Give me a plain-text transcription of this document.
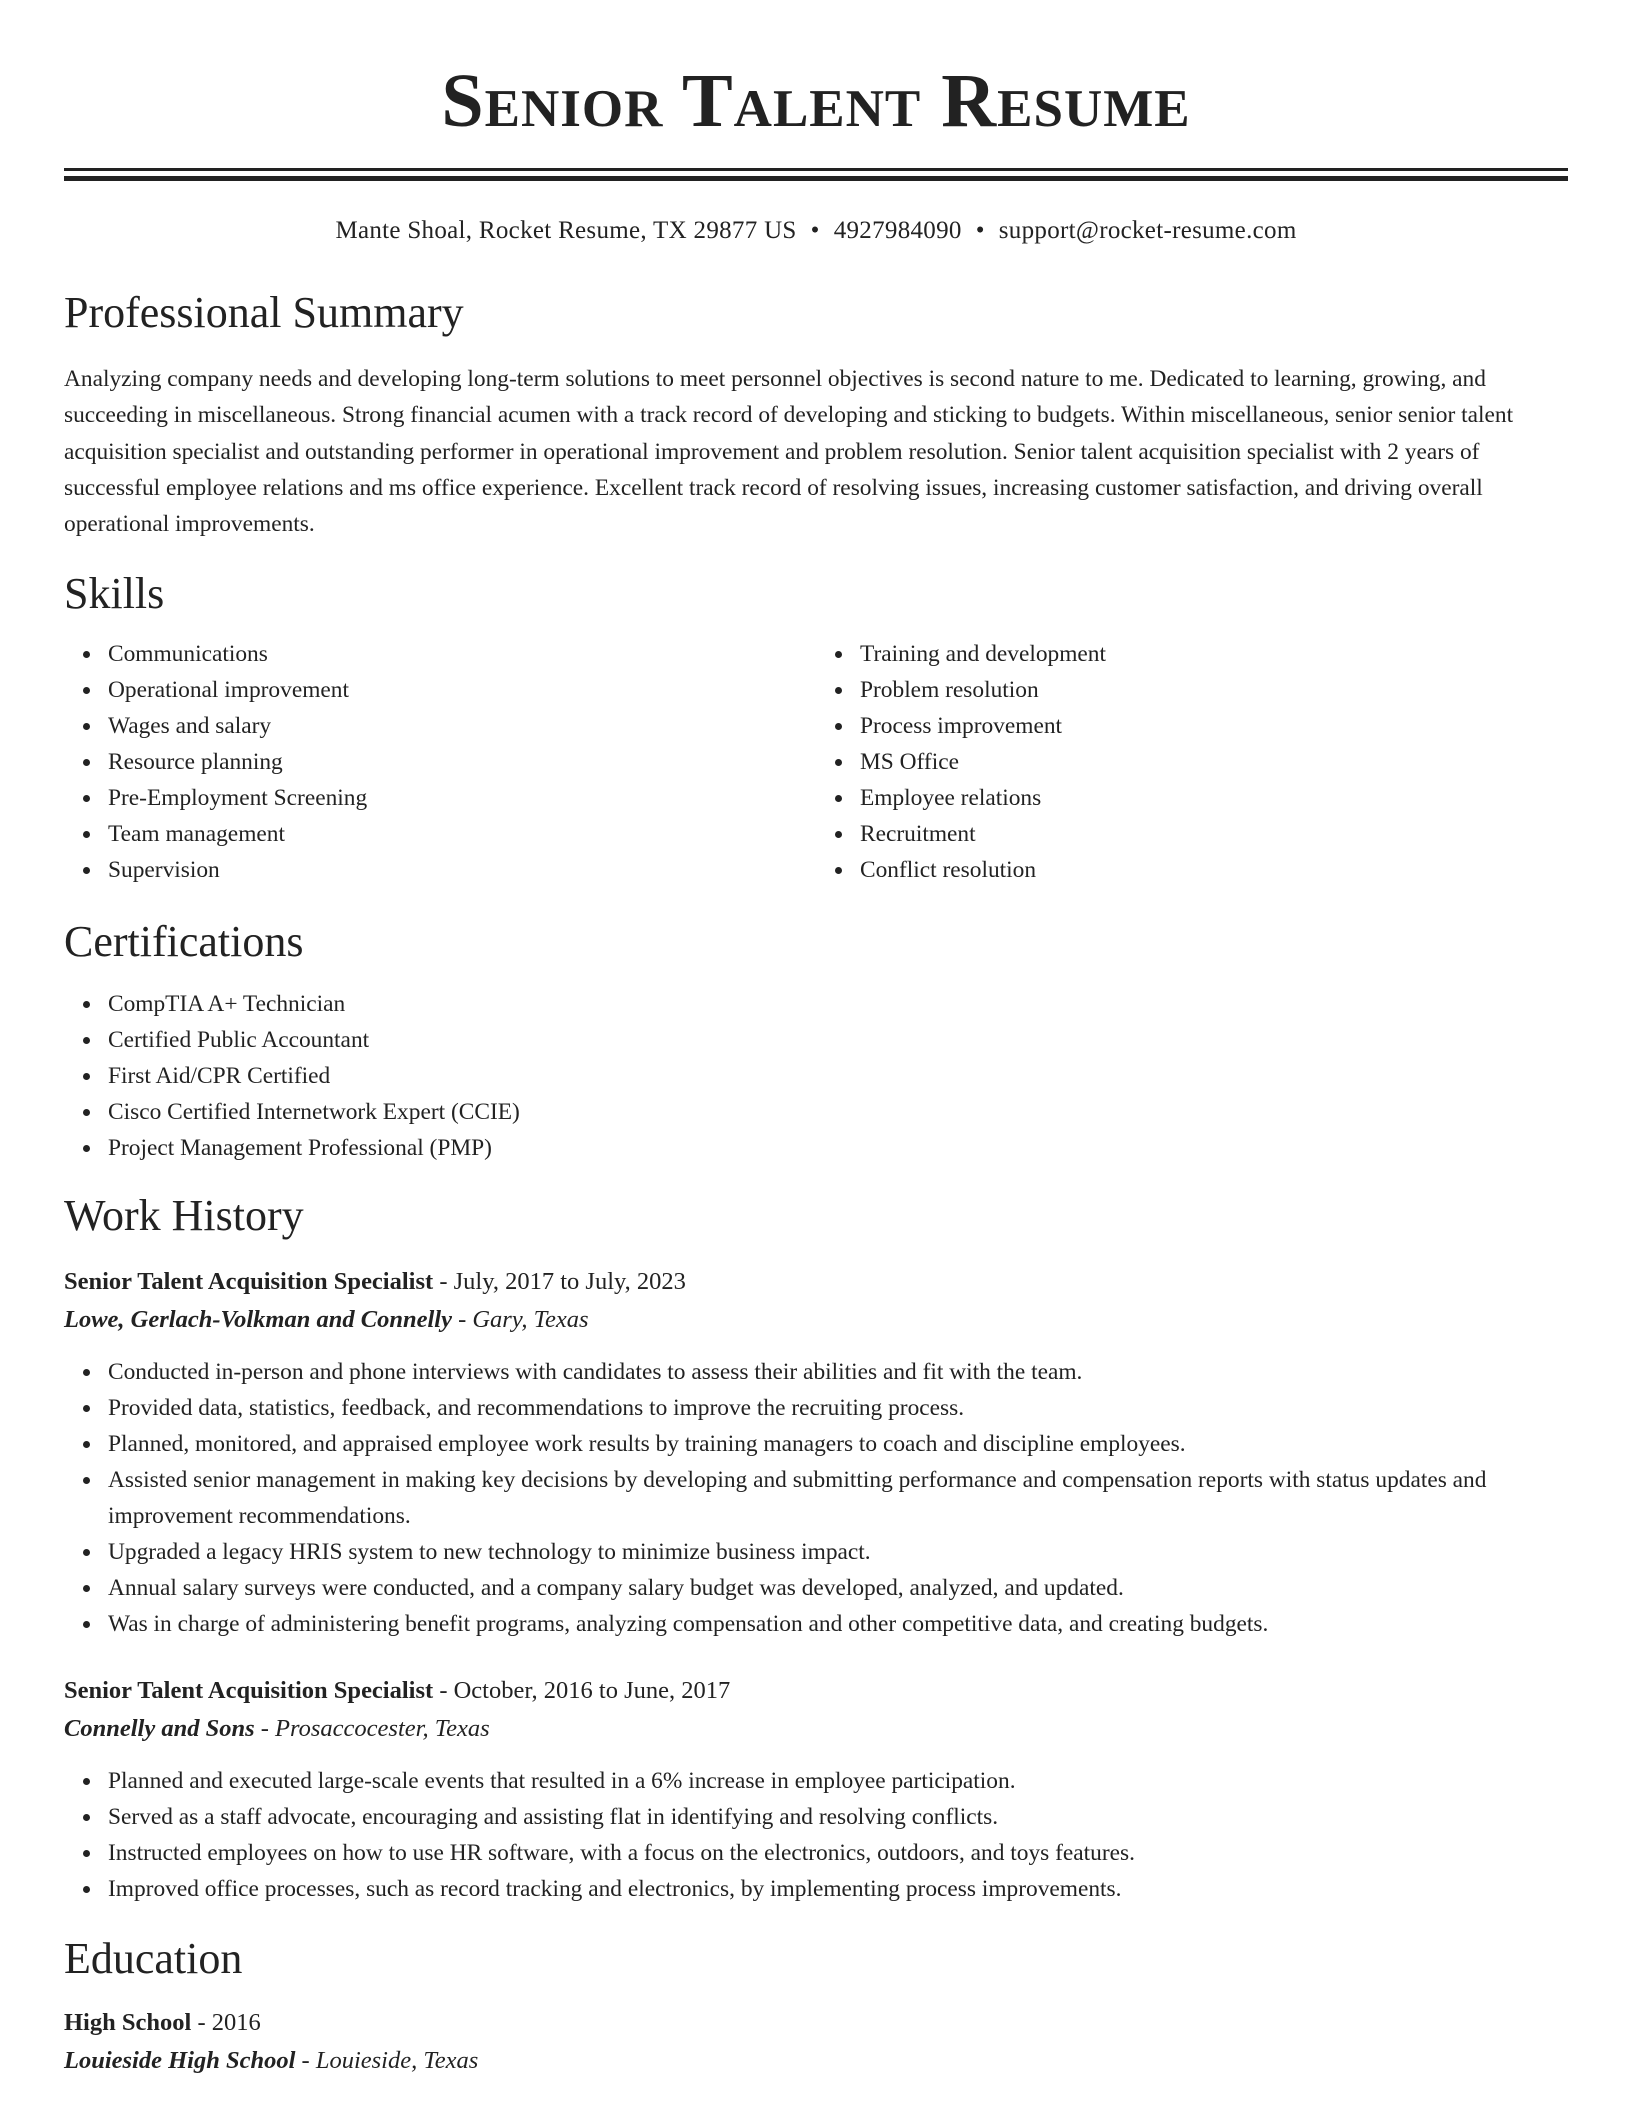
Senior Talent Resume
Mante Shoal, Rocket Resume, TX 29877 US • 4927984090 • support@rocket-resume.com
Professional Summary

Analyzing company needs and developing long-term solutions to meet personnel objectives is second nature to me. Dedicated to learning, growing, and succeeding in miscellaneous. Strong financial acumen with a track record of developing and sticking to budgets. Within miscellaneous, senior senior talent acquisition specialist and outstanding performer in operational improvement and problem resolution. Senior talent acquisition specialist with 2 years of successful employee relations and ms office experience. Excellent track record of resolving issues, increasing customer satisfaction, and driving overall operational improvements.

Skills
Communications
Operational improvement
Wages and salary
Resource planning
Pre-Employment Screening
Team management
Supervision
Training and development
Problem resolution
Process improvement
MS Office
Employee relations
Recruitment
Conflict resolution
Certifications
CompTIA A+ Technician
Certified Public Accountant
First Aid/CPR Certified
Cisco Certified Internetwork Expert (CCIE)
Project Management Professional (PMP)
Work History
Senior Talent Acquisition Specialist - July, 2017 to July, 2023
Lowe, Gerlach-Volkman and Connelly - Gary, Texas
Conducted in-person and phone interviews with candidates to assess their abilities and fit with the team.
Provided data, statistics, feedback, and recommendations to improve the recruiting process.
Planned, monitored, and appraised employee work results by training managers to coach and discipline employees.
Assisted senior management in making key decisions by developing and submitting performance and compensation reports with status updates and improvement recommendations.
Upgraded a legacy HRIS system to new technology to minimize business impact.
Annual salary surveys were conducted, and a company salary budget was developed, analyzed, and updated.
Was in charge of administering benefit programs, analyzing compensation and other competitive data, and creating budgets.
Senior Talent Acquisition Specialist - October, 2016 to June, 2017
Connelly and Sons - Prosaccocester, Texas
Planned and executed large-scale events that resulted in a 6% increase in employee participation.
Served as a staff advocate, encouraging and assisting flat in identifying and resolving conflicts.
Instructed employees on how to use HR software, with a focus on the electronics, outdoors, and toys features.
Improved office processes, such as record tracking and electronics, by implementing process improvements.
Education
High School - 2016
Louieside High School - Louieside, Texas
